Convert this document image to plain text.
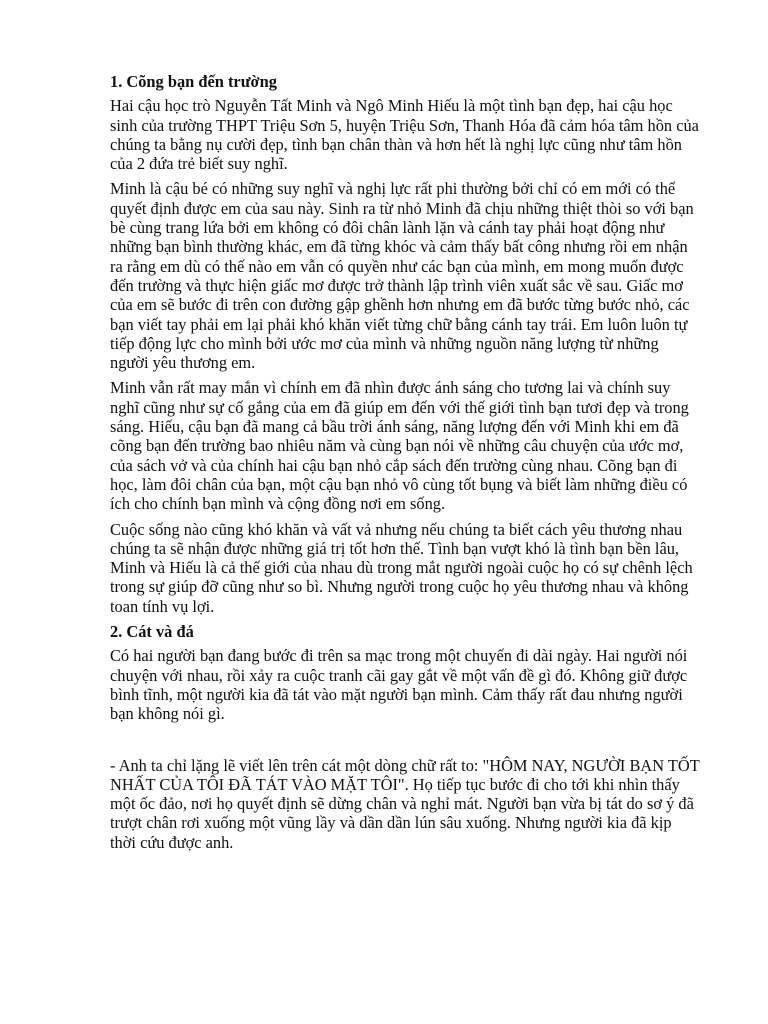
1. Cõng bạn đến trường
Hai cậu học trò Nguyễn Tất Minh và Ngô Minh Hiếu là một tình bạn đẹp, hai cậu học sinh của trường THPT Triệu Sơn 5, huyện Triệu Sơn, Thanh Hóa đã cảm hóa tâm hồn của chúng ta bằng nụ cười đẹp, tình bạn chân thàn và hơn hết là nghị lực cũng như tâm hồn của 2 đứa trẻ biết suy nghĩ.
Minh là cậu bé có những suy nghĩ và nghị lực rất phi thường bởi chỉ có em mới có thể quyết định được em của sau này. Sinh ra từ nhỏ Minh đã chịu những thiệt thòi so với bạn bè cùng trang lứa bởi em không có đôi chân lành lặn và cánh tay phải hoạt động như những bạn bình thường khác, em đã từng khóc và cảm thấy bất công nhưng rồi em nhận ra rằng em dù có thế nào em vẫn có quyền như các bạn của mình, em mong muốn được đến trường và thực hiện giấc mơ được trở thành lập trình viên xuất sắc về sau. Giấc mơ của em sẽ bước đi trên con đường gập ghềnh hơn nhưng em đã bước từng bước nhỏ, các bạn viết tay phải em lại phải khó khăn viết từng chữ bằng cánh tay trái. Em luôn luôn tự tiếp động lực cho mình bởi ước mơ của mình và những nguồn năng lượng từ những người yêu thương em.
Minh vẫn rất may mắn vì chính em đã nhìn được ánh sáng cho tương lai và chính suy nghĩ cũng như sự cố gắng của em đã giúp em đến với thế giới tình bạn tươi đẹp và trong sáng. Hiếu, cậu bạn đã mang cả bầu trời ánh sáng, năng lượng đến với Minh khi em đã cõng bạn đến trường bao nhiêu năm và cùng bạn nói về những câu chuyện của ước mơ, của sách vở và của chính hai cậu bạn nhỏ cắp sách đến trường cùng nhau. Cõng bạn đi học, làm đôi chân của bạn, một cậu bạn nhỏ vô cùng tốt bụng và biết làm những điều có ích cho chính bạn mình và cộng đồng nơi em sống.
Cuộc sống nào cũng khó khăn và vất vả nhưng nếu chúng ta biết cách yêu thương nhau chúng ta sẽ nhận được những giá trị tốt hơn thế. Tình bạn vượt khó là tình bạn bền lâu, Minh và Hiếu là cả thế giới của nhau dù trong mắt người ngoài cuộc họ có sự chênh lệch trong sự giúp đỡ cũng như so bì. Nhưng người trong cuộc họ yêu thương nhau và không toan tính vụ lợi.
2. Cát và đá
Có hai người bạn đang bước đi trên sa mạc trong một chuyến đi dài ngày. Hai người nói chuyện với nhau, rồi xảy ra cuộc tranh cãi gay gắt về một vấn đề gì đó. Không giữ được bình tĩnh, một người kia đã tát vào mặt người bạn mình. Cảm thấy rất đau nhưng người bạn không nói gì.
- Anh ta chỉ lặng lẽ viết lên trên cát một dòng chữ rất to: "HÔM NAY, NGƯỜI BẠN TỐT NHẤT CỦA TÔI ĐÃ TÁT VÀO MẶT TÔI". Họ tiếp tục bước đi cho tới khi nhìn thấy một ốc đảo, nơi họ quyết định sẽ dừng chân và nghỉ mát. Người bạn vừa bị tát do sơ ý đã trượt chân rơi xuống một vũng lầy và dần dần lún sâu xuống. Nhưng người kia đã kịp thời cứu được anh.
